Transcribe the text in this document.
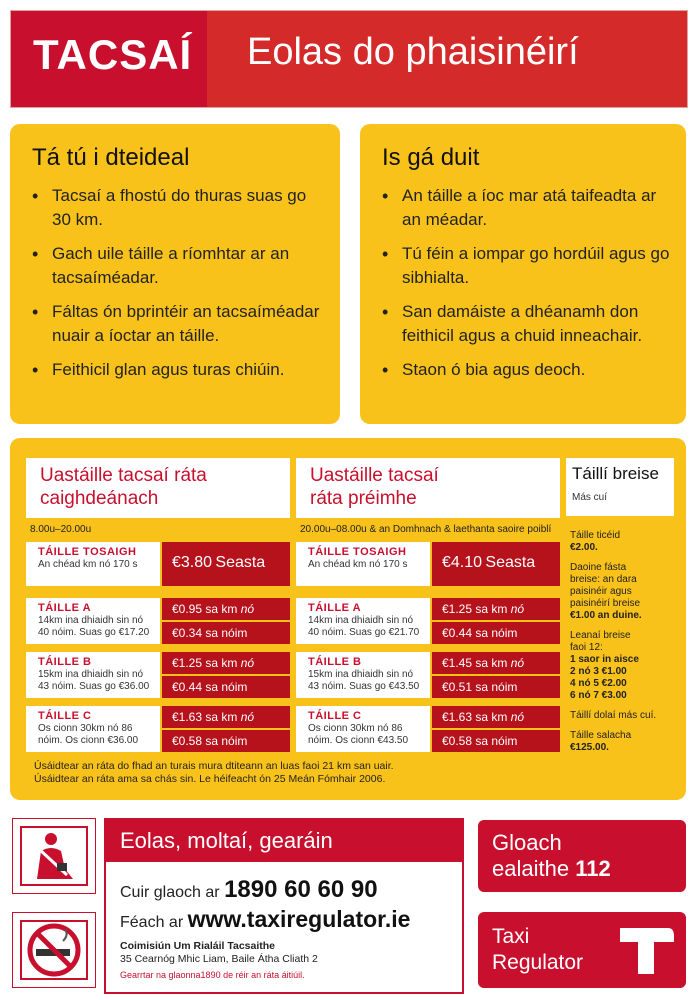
TACSAÍ Eolas do phaisinéirí
Tá tú i dteideal
• Tacsaí a fhostú do thuras suas go 30 km.
• Gach uile táille a ríomhtar ar an tacsaíméadar.
• Fáltas ón bprintéir an tacsaíméadar nuair a íoctar an táille.
• Feithicil glan agus turas chiúin.
Is gá duit
• An táille a íoc mar atá taifeadta ar an méadar.
• Tú féin a iompar go hordúil agus go sibhialta.
• San damáiste a dhéanamh don feithicil agus a chuid inneachair.
• Staon ó bia agus deoch.
Uastáille tacsaí ráta
caighdeánach
8.00u–20.00u
Uastáille tacsaí
ráta préimhe
20.00u–08.00u & an Domhnach & laethanta saoire poiblí
TÁILLE TOSAIGH
An chéad km nó 170 s €3.80 Seasta
TÁILLE A
14km ina dhiaidh sin nó
40 nóim. Suas go €17.20
€0.95 sa km nó
€0.34 sa nóim
TÁILLE B
15km ina dhiaidh sin nó
43 nóim. Suas go €36.00
€1.25 sa km nó
€0.44 sa nóim
TÁILLE C
Os cionn 30km nó 86
nóim. Os cionn €36.00
€1.63 sa km nó
€0.58 sa nóim
TÁILLE TOSAIGH
An chéad km nó 170 s €4.10 Seasta
TÁILLE A
14km ina dhiaidh sin nó
40 nóim. Suas go €21.70
€1.25 sa km nó
€0.44 sa nóim
TÁILLE B
15km ina dhiaidh sin nó
43 nóim. Suas go €43.50
€1.45 sa km nó
€0.51 sa nóim
TÁILLE C
Os cionn 30km nó 86
nóim. Os cionn €43.50
€1.63 sa km nó
€0.58 sa nóim
Úsáidtear an ráta do fhad an turais mura dtiteann an luas faoi 21 km san uair.
Úsáidtear an ráta ama sa chás sin. Le héifeacht ón 25 Meán Fómhair 2006.
Táillí breise
Más cuí
Táille ticéid
€2.00.
Daoine fásta
breise: an dara
paisinéir agus
paisinéirí breise
€1.00 an duine.
Leanaí breise
faoi 12:
1 saor in aisce
2 nó 3 €1.00
4 nó 5 €2.00
6 nó 7 €3.00
Táillí dolaí más cuí.
Táille salacha
€125.00.
Eolas, moltaí, gearáin
Cuir glaoch ar 1890 60 60 90
Féach ar www.taxiregulator.ie
Coimisiún Um Rialáil Tacsaithe
35 Cearnóg Mhic Liam, Baile Átha Cliath 2
Gearrtar na glaonna1890 de réir an ráta áitiúil.
Gloach
ealaithe 112
Taxi
Regulator
